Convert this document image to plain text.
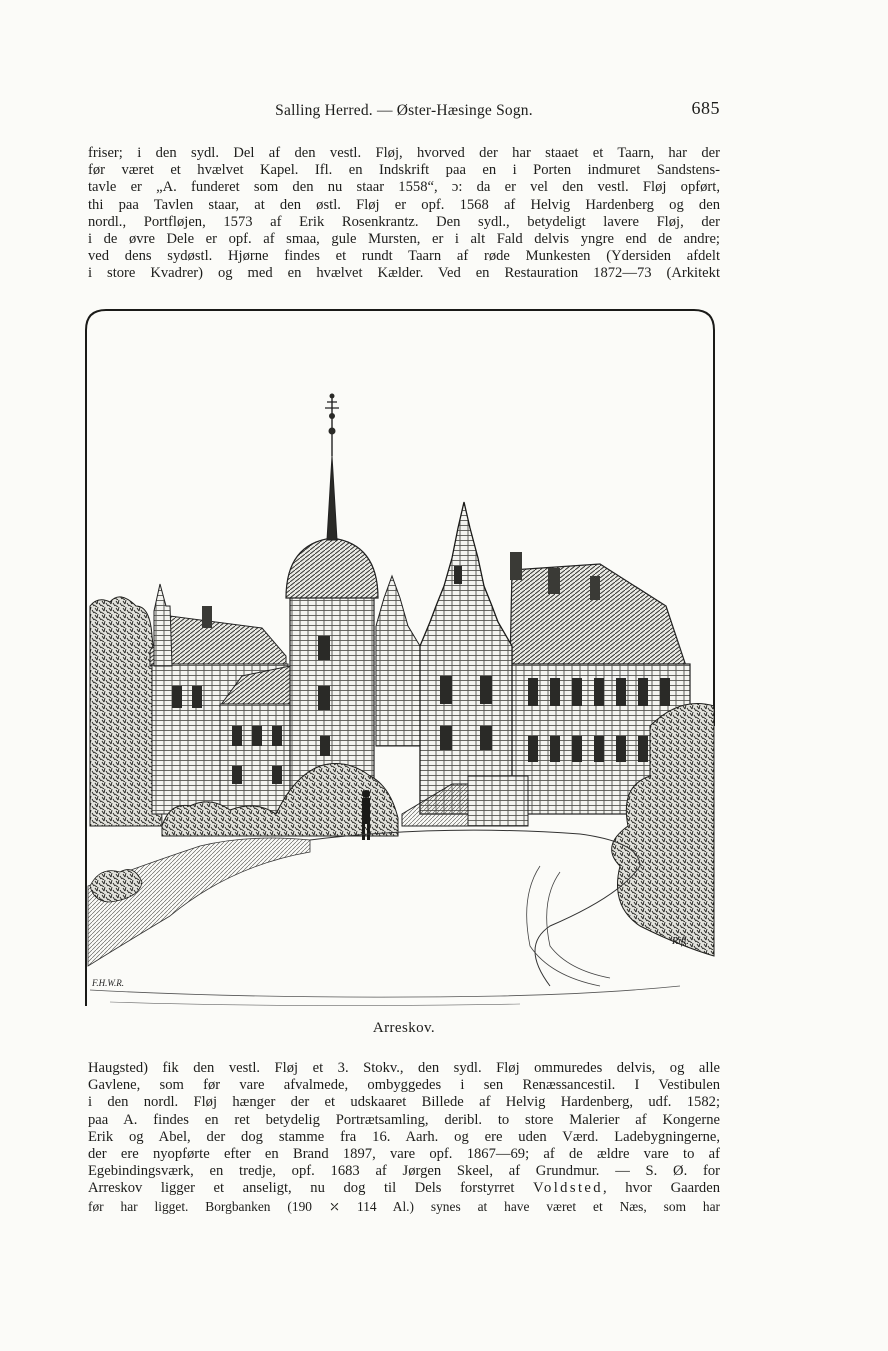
Salling Herred. — Øster-Hæsinge Sogn.	685
friser; i den sydl. Del af den vestl. Fløj, hvorved der har staaet et Taarn, har der
før været et hvælvet Kapel. Ifl. en Indskrift paa en i Porten indmuret Sandstens-
tavle er „A. funderet som den nu staar 1558“, ɔ: da er vel den vestl. Fløj opført,
thi paa Tavlen staar, at den østl. Fløj er opf. 1568 af Helvig Hardenberg og den
nordl., Portfløjen, 1573 af Erik Rosenkrantz. Den sydl., betydeligt lavere Fløj, der
i de øvre Dele er opf. af smaa, gule Mursten, er i alt Fald delvis yngre end de andre;
ved dens sydøstl. Hjørne findes et rundt Taarn af røde Munkesten (Ydersiden afdelt
i store Kvadrer) og med en hvælvet Kælder. Ved en Restauration 1872—73 (Arkitekt
F.H.W.R.
Rifl.
Arreskov.
Haugsted) fik den vestl. Fløj et 3. Stokv., den sydl. Fløj ommuredes delvis, og alle
Gavlene, som før vare afvalmede, ombyggedes i sen Renæssancestil. I Vestibulen
i den nordl. Fløj hænger der et udskaaret Billede af Helvig Hardenberg, udf. 1582;
paa A. findes en ret betydelig Portrætsamling, deribl. to store Malerier af Kongerne
Erik og Abel, der dog stamme fra 16. Aarh. og ere uden Værd. Ladebygningerne,
der ere nyopførte efter en Brand 1897, vare opf. 1867—69; af de ældre vare to af
Egebindingsværk, en tredje, opf. 1683 af Jørgen Skeel, af Grundmur. — S. Ø. for
Arreskov ligger et anseligt, nu dog til Dels forstyrret Voldsted, hvor Gaarden
før har ligget. Borgbanken (190 ⤫ 114 Al.) synes at have været et Næs, som har
